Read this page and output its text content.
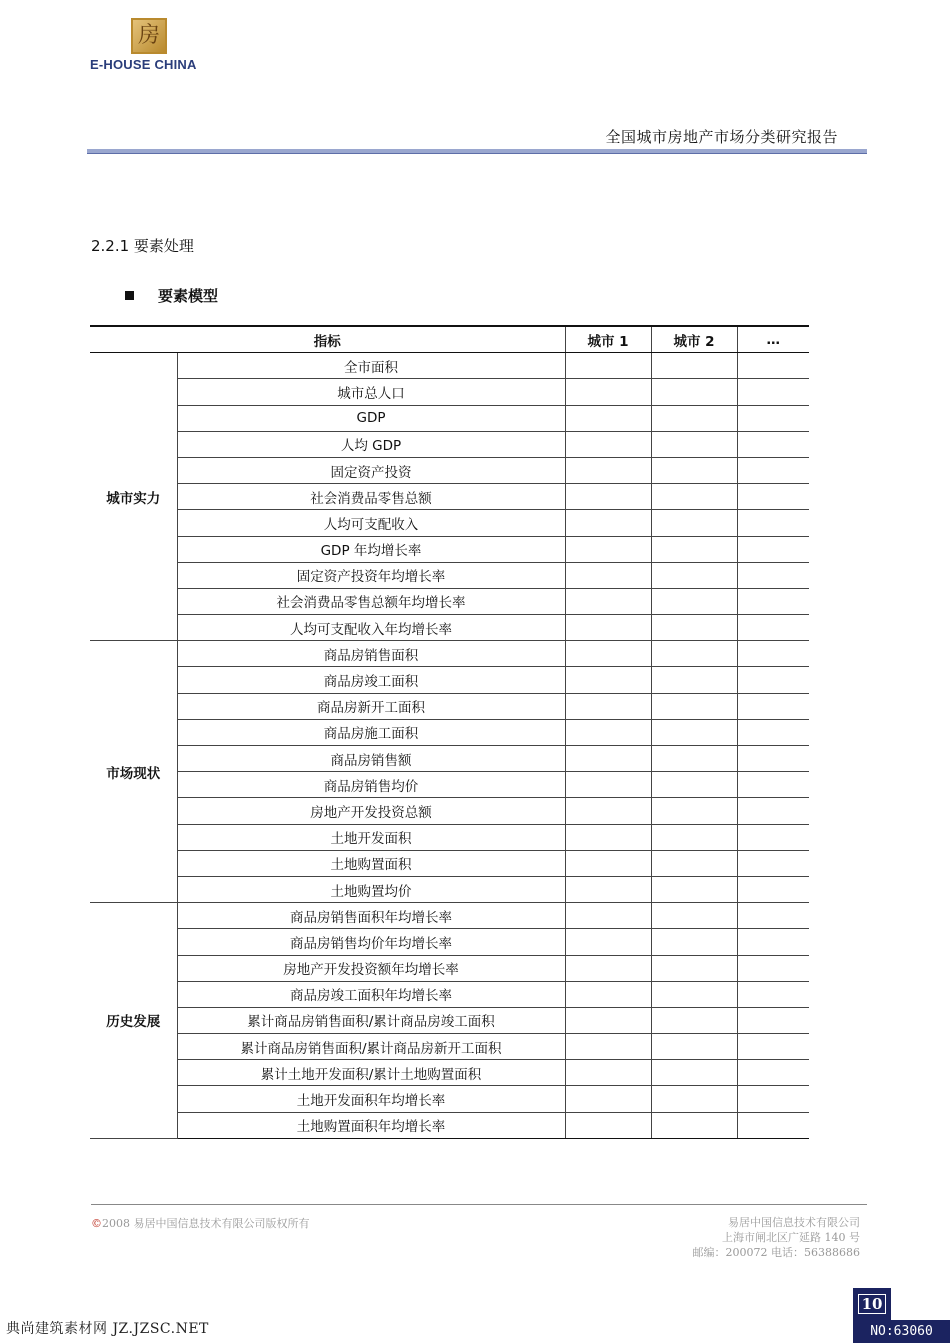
房
E-HOUSE CHINA
全国城市房地产市场分类研究报告
2.2.1 要素处理
要素模型
指标		城市 1	城市 2	…
城市实力	全市面积			
	城市总人口			
	GDP			
	人均 GDP			
	固定资产投资			
	社会消费品零售总额			
	人均可支配收入			
	GDP 年均增长率			
	固定资产投资年均增长率			
	社会消费品零售总额年均增长率			
	人均可支配收入年均增长率			
市场现状	商品房销售面积			
	商品房竣工面积			
	商品房新开工面积			
	商品房施工面积			
	商品房销售额			
	商品房销售均价			
	房地产开发投资总额			
	土地开发面积			
	土地购置面积			
	土地购置均价			
历史发展	商品房销售面积年均增长率			
	商品房销售均价年均增长率			
	房地产开发投资额年均增长率			
	商品房竣工面积年均增长率			
	累计商品房销售面积/累计商品房竣工面积			
	累计商品房销售面积/累计商品房新开工面积			
	累计土地开发面积/累计土地购置面积			
	土地开发面积年均增长率			
	土地购置面积年均增长率			
©2008 易居中国信息技术有限公司版权所有	易居中国信息技术有限公司
上海市闸北区广延路 140 号
邮编：200072 电话：56388686
10
典尚建筑素材网 JZ.JZSC.NET	NO:63060
